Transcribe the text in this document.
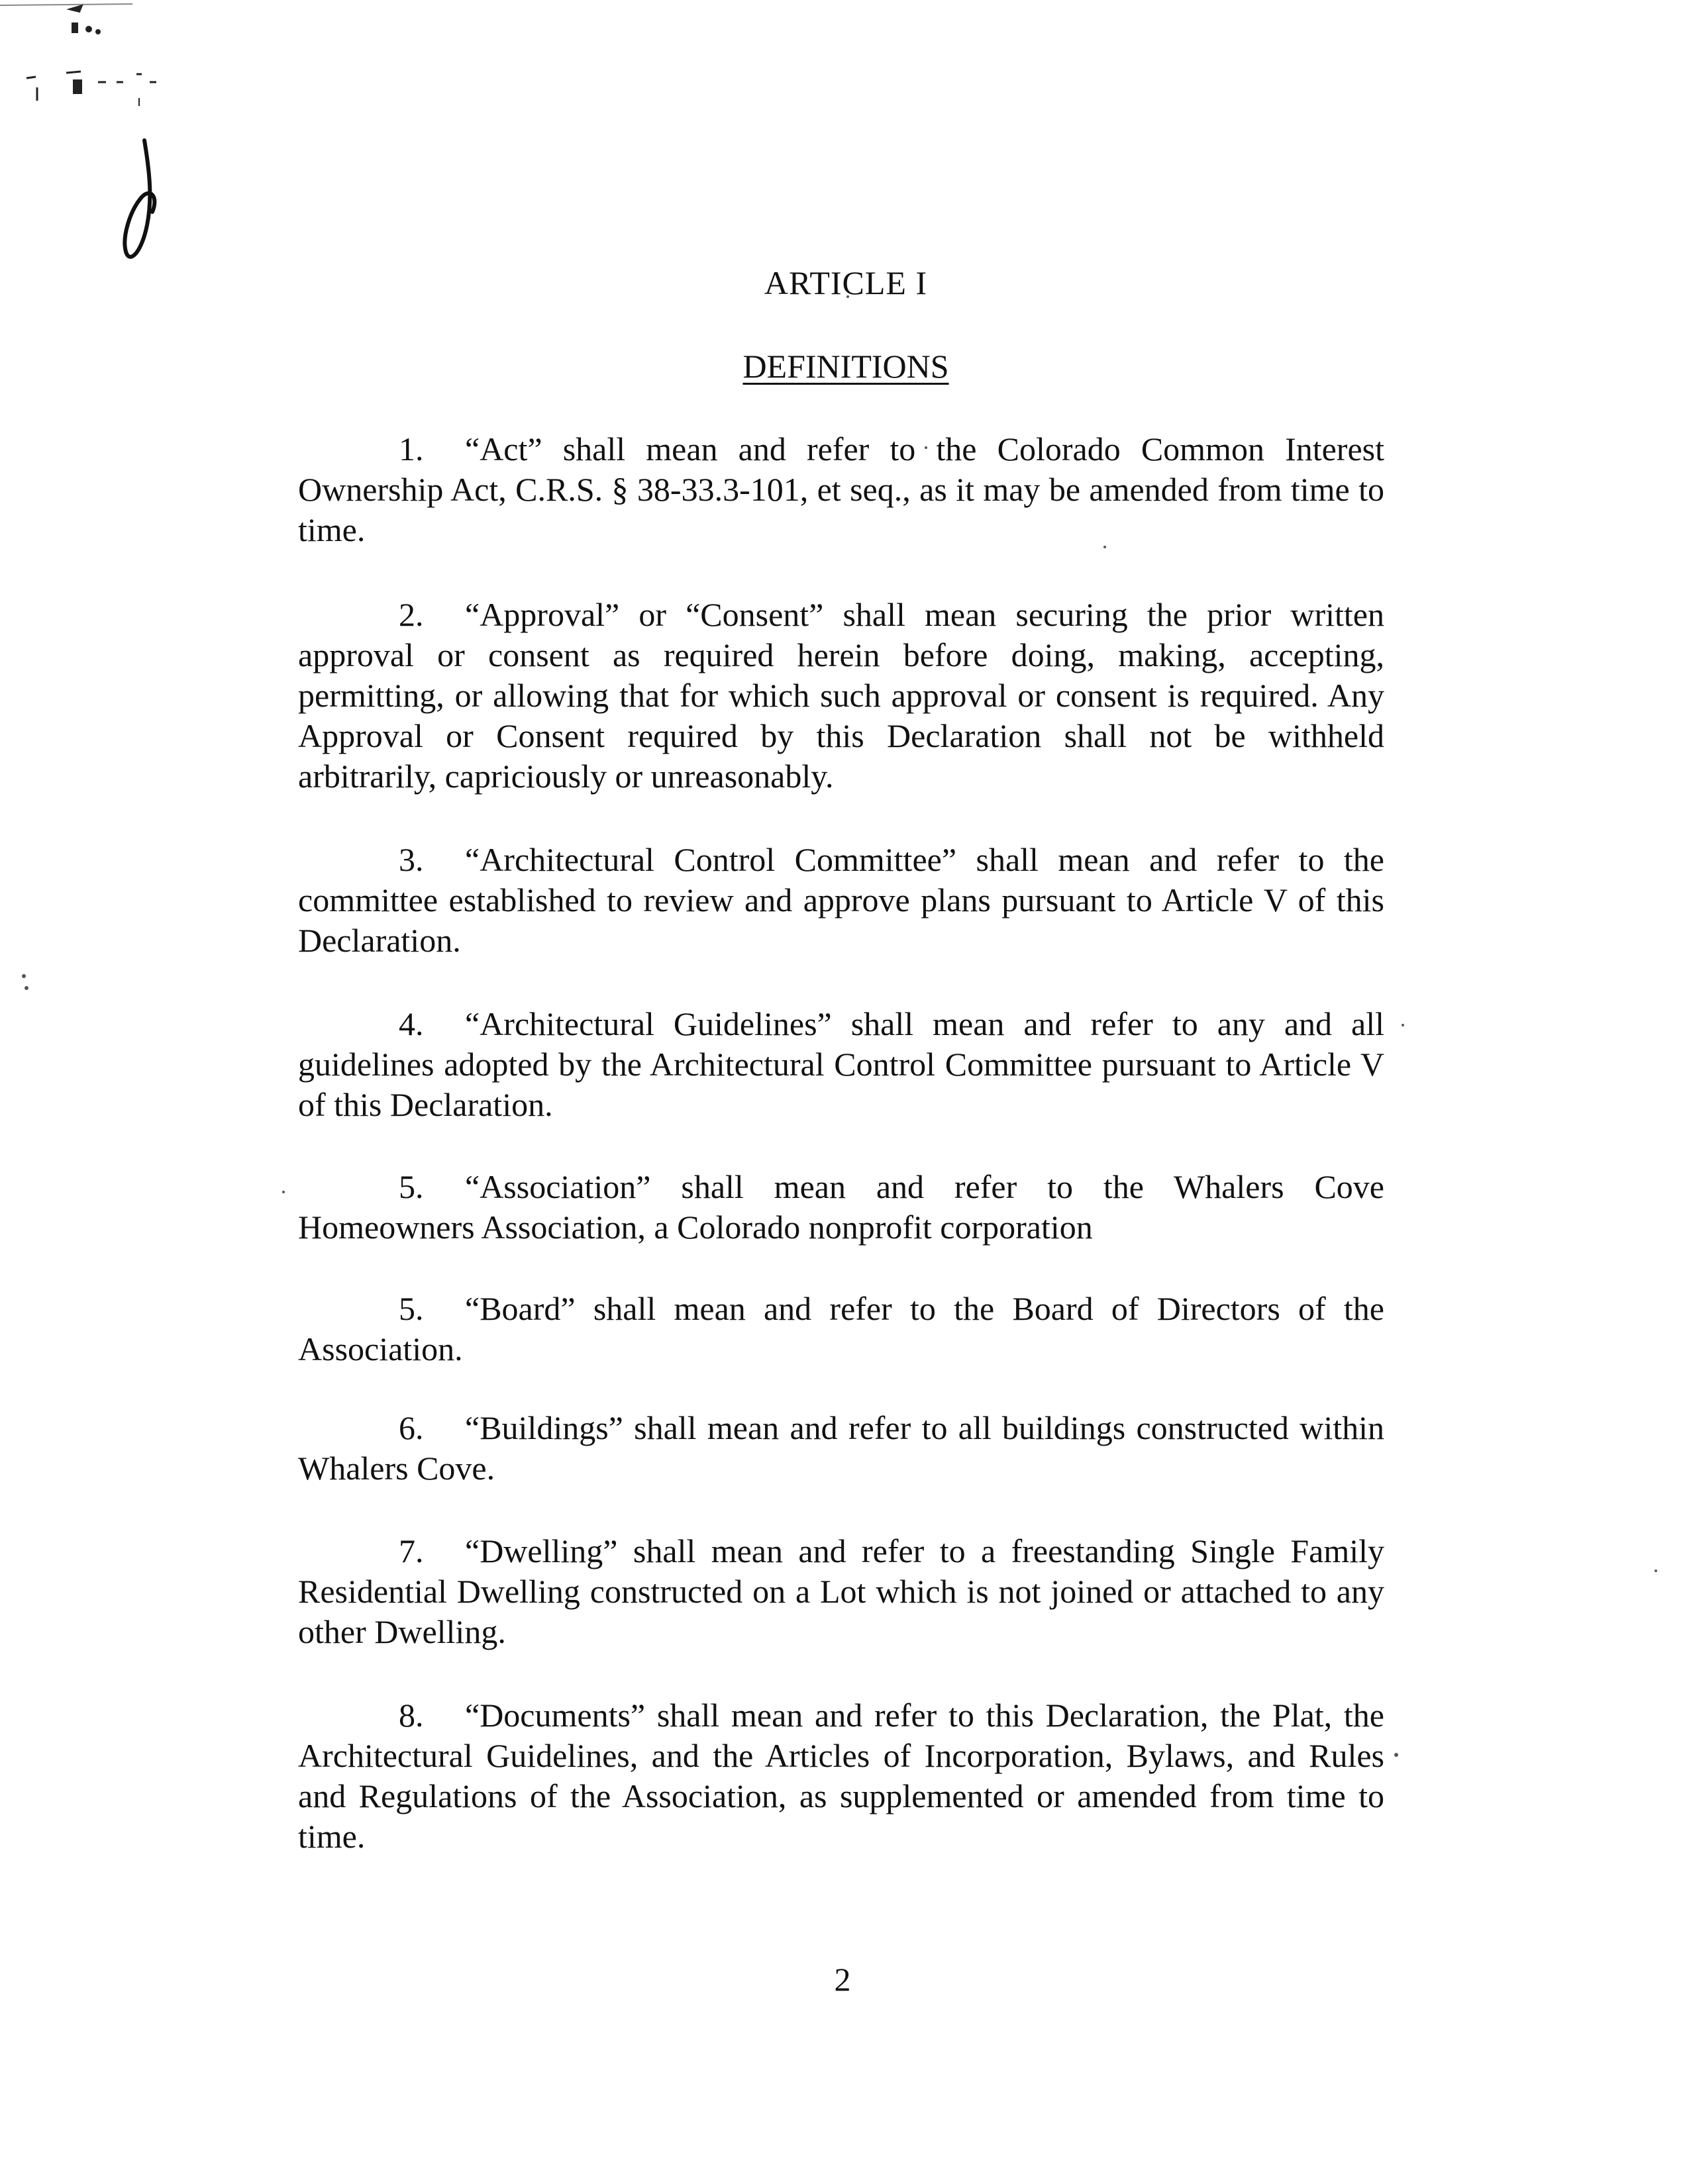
ARTICLE I
DEFINITIONS

1. “Act” shall mean and refer to the Colorado Common Interest Ownership Act, C.R.S. § 38-33.3-101, et seq., as it may be amended from time to time.

2. “Approval” or “Consent” shall mean securing the prior written approval or consent as required herein before doing, making, accepting, permitting, or allowing that for which such approval or consent is required. Any Approval or Consent required by this Declaration shall not be withheld arbitrarily, capriciously or unreasonably.

3. “Architectural Control Committee” shall mean and refer to the committee established to review and approve plans pursuant to Article V of this Declaration.

4. “Architectural Guidelines” shall mean and refer to any and all guidelines adopted by the Architectural Control Committee pursuant to Article V of this Declaration.

5. “Association” shall mean and refer to the Whalers Cove Homeowners Association, a Colorado nonprofit corporation

5. “Board” shall mean and refer to the Board of Directors of the Association.

6. “Buildings” shall mean and refer to all buildings constructed within Whalers Cove.

7. “Dwelling” shall mean and refer to a freestanding Single Family Residential Dwelling constructed on a Lot which is not joined or attached to any other Dwelling.

8. “Documents” shall mean and refer to this Declaration, the Plat, the Architectural Guidelines, and the Articles of Incorporation, Bylaws, and Rules and Regulations of the Association, as supplemented or amended from time to time.

2
